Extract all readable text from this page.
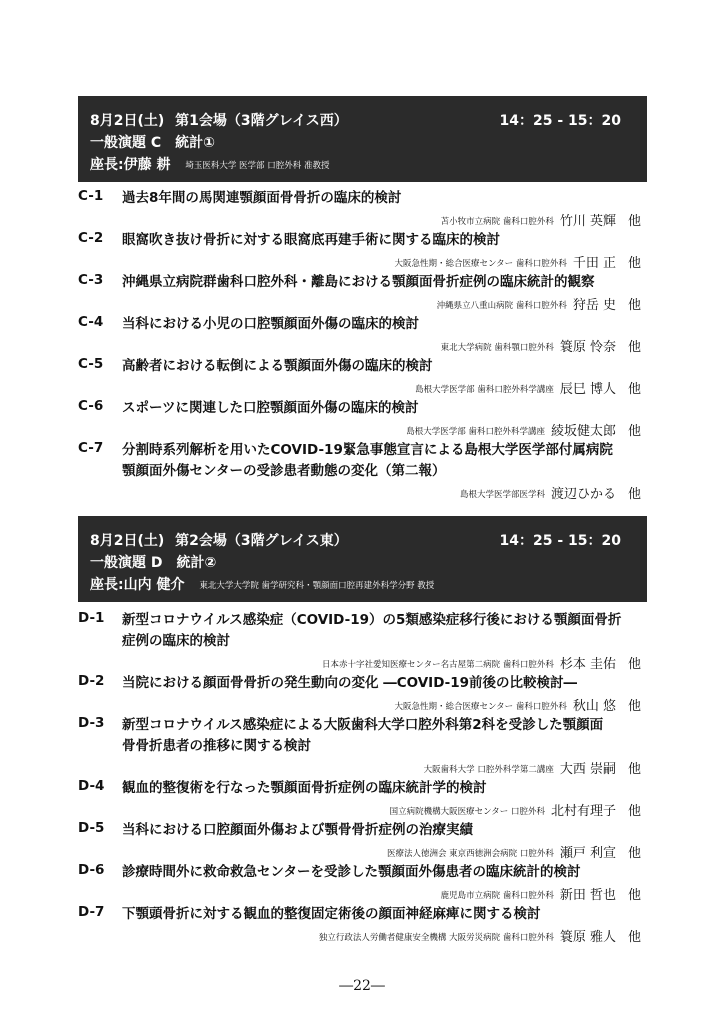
8月2日(土) 第1会場（3階グレイス西）	14：25 - 15：20
一般演題 C　統計①
座長:伊藤 耕 埼玉医科大学 医学部 口腔外科 准教授
C-1	過去8年間の馬関連顎顔面骨骨折の臨床的検討
苫小牧市立病院 歯科口腔外科 竹川 英輝 他
C-2	眼窩吹き抜け骨折に対する眼窩底再建手術に関する臨床的検討
大阪急性期・総合医療センター 歯科口腔外科 千田 正 他
C-3	沖縄県立病院群歯科口腔外科・離島における顎顔面骨折症例の臨床統計的観察
沖縄県立八重山病院 歯科口腔外科 狩岳 史 他
C-4	当科における小児の口腔顎顔面外傷の臨床的検討
東北大学病院 歯科顎口腔外科 簑原 怜奈 他
C-5	高齢者における転倒による顎顔面外傷の臨床的検討
島根大学医学部 歯科口腔外科学講座 辰巳 博人 他
C-6	スポーツに関連した口腔顎顔面外傷の臨床的検討
島根大学医学部 歯科口腔外科学講座 綾坂健太郎 他
C-7	分割時系列解析を用いたCOVID-19緊急事態宣言による島根大学医学部付属病院
顎顔面外傷センターの受診患者動態の変化（第二報）
島根大学医学部医学科 渡辺ひかる 他
8月2日(土) 第2会場（3階グレイス東）	14：25 - 15：20
一般演題 D　統計②
座長:山内 健介 東北大学大学院 歯学研究科・顎顔面口腔再建外科学分野 教授
D-1	新型コロナウイルス感染症（COVID-19）の5類感染症移行後における顎顔面骨折
症例の臨床的検討
日本赤十字社愛知医療センター名古屋第二病院 歯科口腔外科 杉本 圭佑 他
D-2	当院における顔面骨骨折の発生動向の変化 ―COVID-19前後の比較検討―
大阪急性期・総合医療センター 歯科口腔外科 秋山 悠 他
D-3	新型コロナウイルス感染症による大阪歯科大学口腔外科第2科を受診した顎顔面
骨骨折患者の推移に関する検討
大阪歯科大学 口腔外科学第二講座 大西 崇嗣 他
D-4	観血的整復術を行なった顎顔面骨折症例の臨床統計学的検討
国立病院機構大阪医療センター 口腔外科 北村有理子 他
D-5	当科における口腔顔面外傷および顎骨骨折症例の治療実績
医療法人徳洲会 東京西徳洲会病院 口腔外科 瀬戸 利宣 他
D-6	診療時間外に救命救急センターを受診した顎顔面外傷患者の臨床統計的検討
鹿児島市立病院 歯科口腔外科 新田 哲也 他
D-7	下顎頭骨折に対する観血的整復固定術後の顔面神経麻痺に関する検討
独立行政法人労働者健康安全機構 大阪労災病院 歯科口腔外科 簑原 雅人 他
―22―
